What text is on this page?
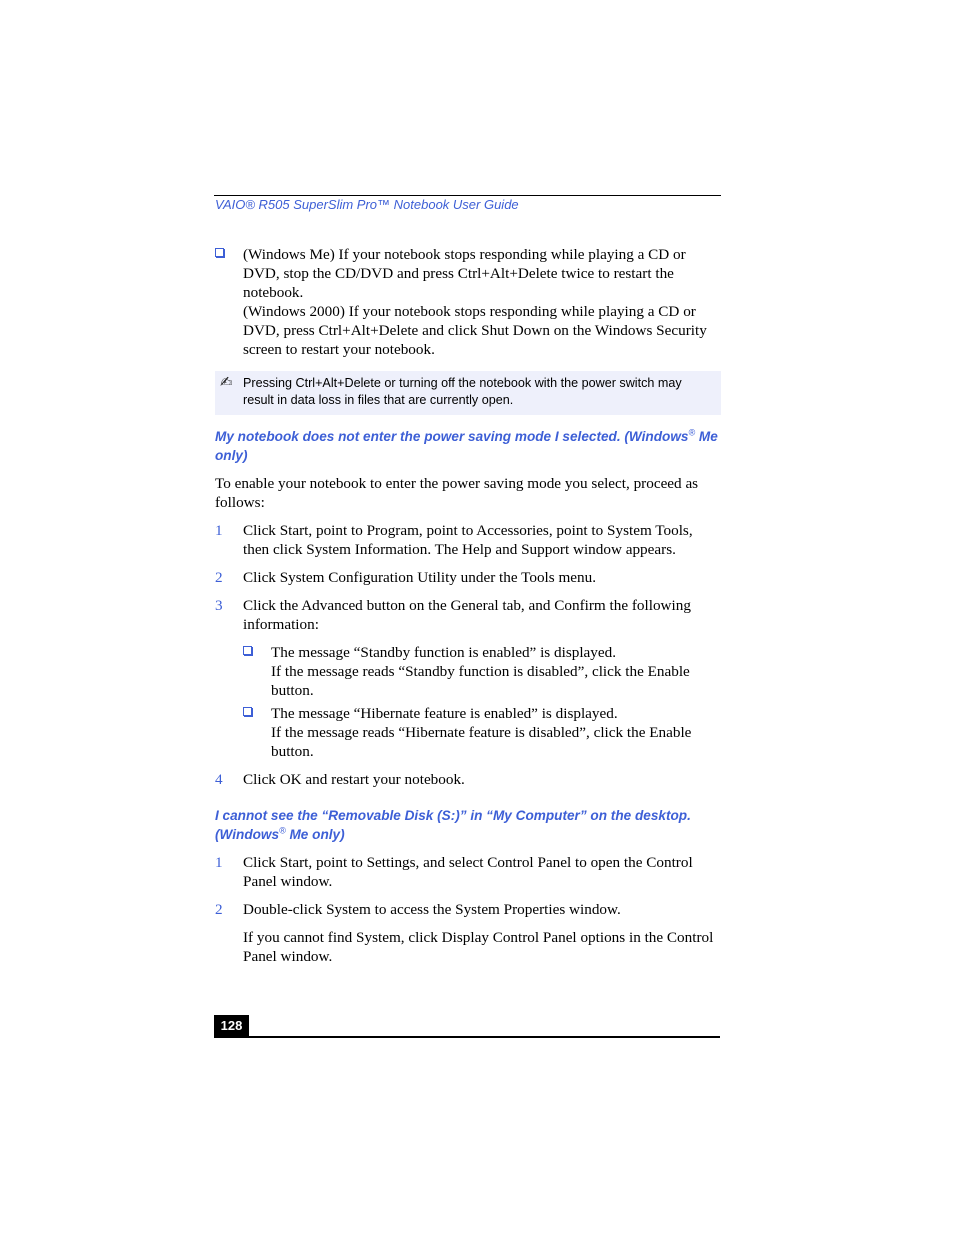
VAIO® R505 SuperSlim Pro™ Notebook User Guide
(Windows Me) If your notebook stops responding while playing a CD or DVD, stop the CD/DVD and press Ctrl+Alt+Delete twice to restart the notebook.
(Windows 2000) If your notebook stops responding while playing a CD or DVD, press Ctrl+Alt+Delete and click Shut Down on the Windows Security screen to restart your notebook.
✍ Pressing Ctrl+Alt+Delete or turning off the notebook with the power switch may result in data loss in files that are currently open.
My notebook does not enter the power saving mode I selected. (Windows® Me only)
To enable your notebook to enter the power saving mode you select, proceed as follows:
1 Click Start, point to Program, point to Accessories, point to System Tools, then click System Information. The Help and Support window appears.
2 Click System Configuration Utility under the Tools menu.
3 Click the Advanced button on the General tab, and Confirm the following information:
The message “Standby function is enabled” is displayed.
If the message reads “Standby function is disabled”, click the Enable button.
The message “Hibernate feature is enabled” is displayed.
If the message reads “Hibernate feature is disabled”, click the Enable button.
4 Click OK and restart your notebook.
I cannot see the “Removable Disk (S:)” in “My Computer” on the desktop. (Windows® Me only)
1 Click Start, point to Settings, and select Control Panel to open the Control Panel window.
2 Double-click System to access the System Properties window.
If you cannot find System, click Display Control Panel options in the Control Panel window.
128
